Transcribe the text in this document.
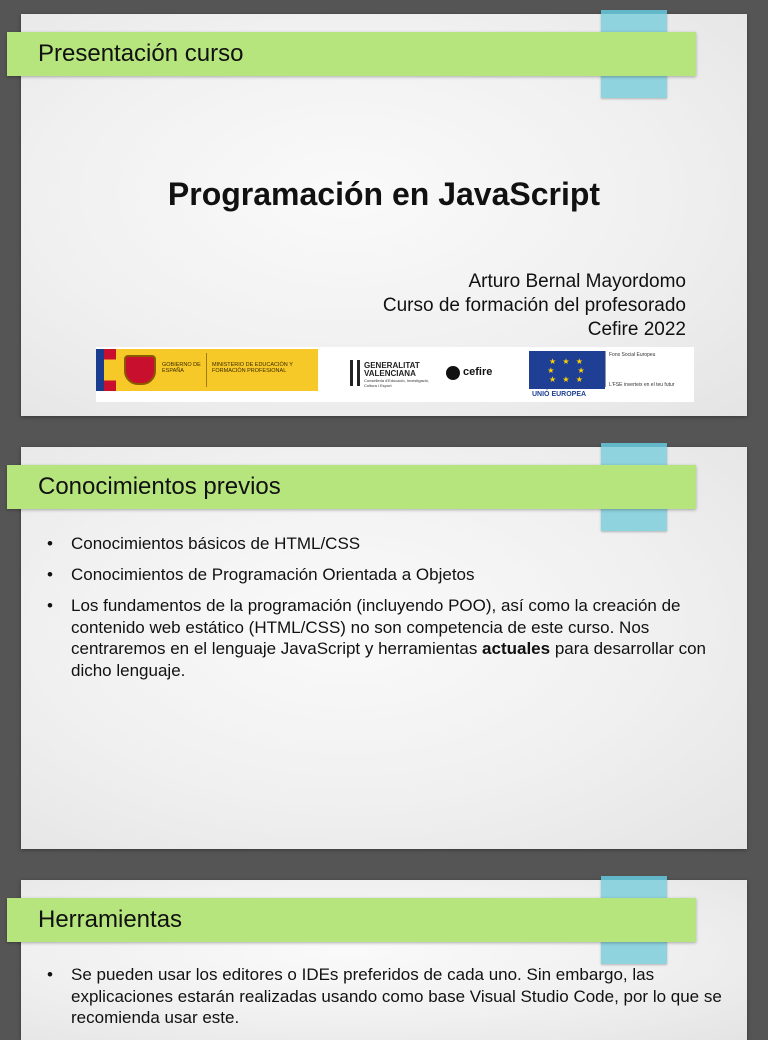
Presentación curso
Programación en JavaScript
Arturo Bernal Mayordomo
Curso de formación del profesorado
Cefire 2022
GOBIERNO DE ESPAÑA
MINISTERIO DE EDUCACIÓN Y FORMACIÓN PROFESIONAL
GENERALITAT VALENCIANA
Conselleria d'Educació, Investigació, Cultura i Esport
cefire
★ ★ ★
★     ★
★ ★ ★
UNIÓ EUROPEA
Fons Social Europeu
L'FSE inverteix en el teu futur
Conocimientos previos
• Conocimientos básicos de HTML/CSS
• Conocimientos de Programación Orientada a Objetos
• Los fundamentos de la programación (incluyendo POO), así como la creación de contenido web estático (HTML/CSS) no son competencia de este curso. Nos centraremos en el lenguaje JavaScript y herramientas actuales para desarrollar con dicho lenguaje.
Herramientas
• Se pueden usar los editores o IDEs preferidos de cada uno. Sin embargo, las explicaciones estarán realizadas usando como base Visual Studio Code, por lo que se recomienda usar este.
